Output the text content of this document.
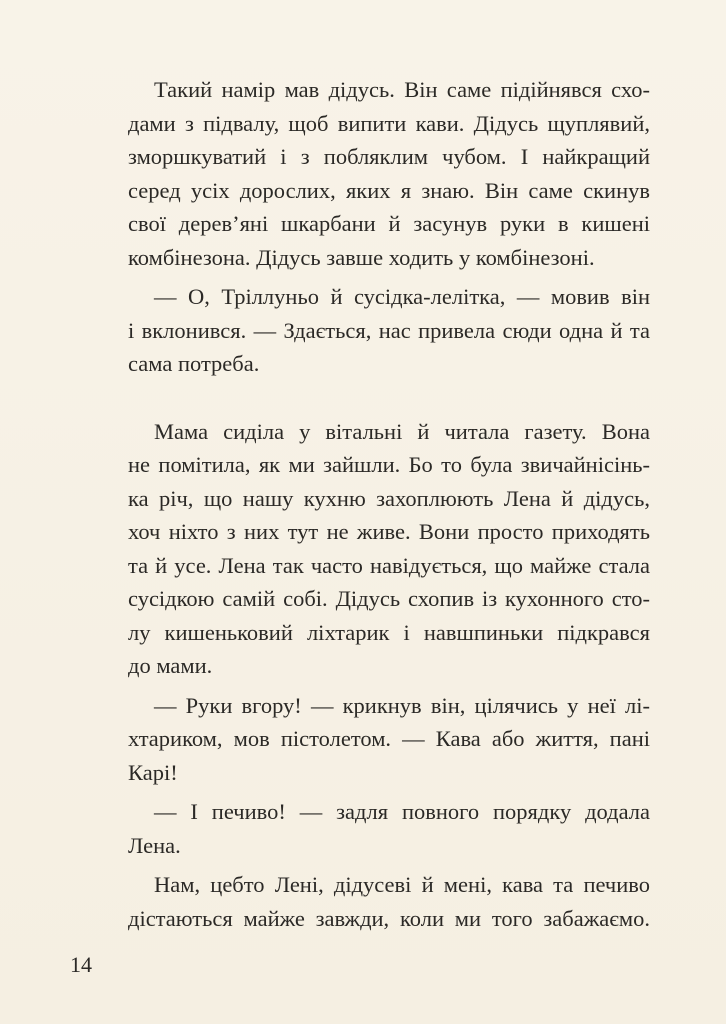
Такий намір мав дідусь. Він саме підійнявся схо-
дами з підвалу, щоб випити кави. Дідусь щуплявий,
зморшкуватий і з побляклим чубом. І найкращий
серед усіх дорослих, яких я знаю. Він саме скинув
свої дерев’яні шкарбани й засунув руки в кишені
комбінезона. Дідусь завше ходить у комбінезоні.

— О, Тріллуньо й сусідка-лелітка, — мовив він
і вклонився. — Здається, нас привела сюди одна й та
сама потреба.

Мама сиділа у вітальні й читала газету. Вона
не помітила, як ми зайшли. Бо то була звичайнісінь-
ка річ, що нашу кухню захоплюють Лена й дідусь,
хоч ніхто з них тут не живе. Вони просто приходять
та й усе. Лена так часто навідується, що майже стала
сусідкою самій собі. Дідусь схопив із кухонного сто-
лу кишеньковий ліхтарик і навшпиньки підкрався
до мами.

— Руки вгору! — крикнув він, цілячись у неї лі-
хтариком, мов пістолетом. — Кава або життя, пані
Карі!

— І печиво! — задля повного порядку додала
Лена.

Нам, цебто Лені, дідусеві й мені, кава та печиво
дістаються майже завжди, коли ми того забажаємо.

14
